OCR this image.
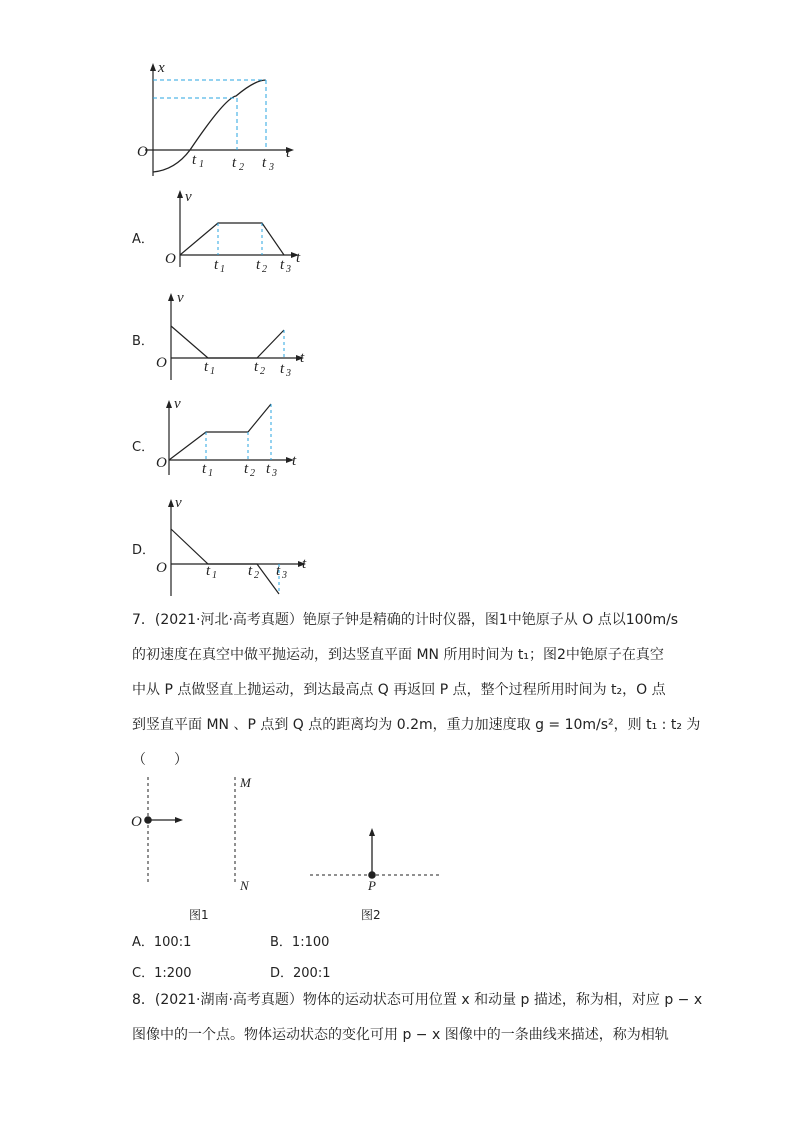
x
t
O	t 1 t 2 t 3
A．
v
t
O	t 1 t 2 t 3
B．
v
t
O t 1	t 2 t 3
C．
v
t
O t 1 t 2 t 3
D．
v
t
O	t 1 t 2 t 3
7．(2021·河北·高考真题）铯原子钟是精确的计时仪器，图1中铯原子从 O 点以100m/s
的初速度在真空中做平抛运动，到达竖直平面 MN 所用时间为 t₁；图2中铯原子在真空
中从 P 点做竖直上抛运动，到达最高点 Q 再返回 P 点，整个过程所用时间为 t₂，O 点
到竖直平面 MN 、P 点到 Q 点的距离均为 0.2m，重力加速度取 g = 10m/s²，则 t₁ : t₂ 为
（　　）
O
M
N	P
图1	图2
A．100:1	B．1:100
C．1:200	D．200:1
8．(2021·湖南·高考真题）物体的运动状态可用位置 x 和动量 p 描述，称为相，对应 p − x
图像中的一个点。物体运动状态的变化可用 p − x 图像中的一条曲线来描述，称为相轨
